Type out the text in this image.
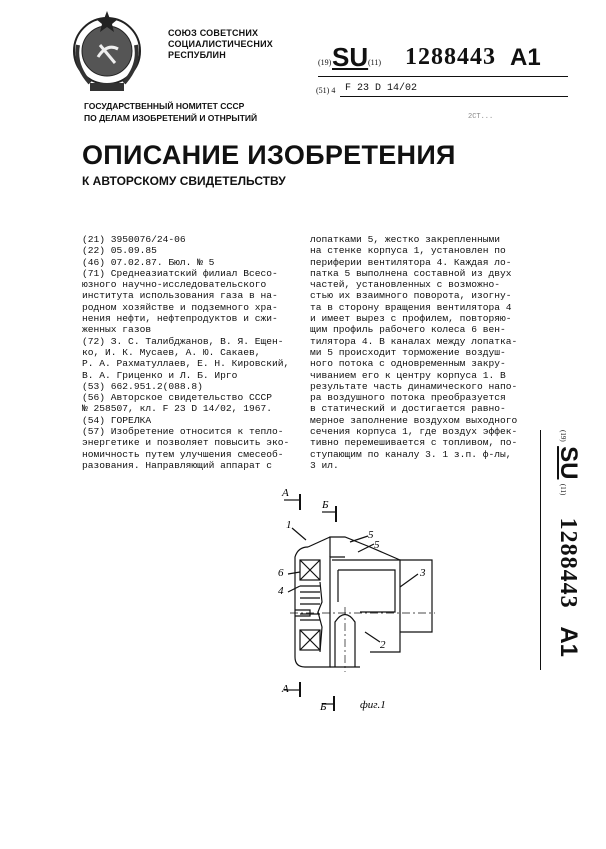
СОЮЗ СОВЕТСНИХ
СОЦИАЛИСТИЧЕСНИХ
РЕСПУБЛИН
ГОСУДАРСТВЕННЫЙ НОМИТЕТ СССР
ПО ДЕЛАМ ИЗОБРЕТЕНИЙ И ОТНРЫТИЙ
(19) SU (11) 1288443 A1
(51) 4 F 23 D 14/02
2СТ...
ОПИСАНИЕ ИЗОБРЕТЕНИЯ
К АВТОРСКОМУ СВИДЕТЕЛЬСТВУ
(21) 3950076/24-06
(22) 05.09.85
(46) 07.02.87. Бюл. № 5
(71) Среднеазиатский филиал Всесо-
юзного научно-исследовательского
института использования газа в на-
родном хозяйстве и подземного хра-
нения нефти, нефтепродуктов и сжи-
женных газов
(72) З. С. Талибджанов, В. Я. Ещен-
ко, И. К. Мусаев, А. Ю. Сакаев,
Р. А. Рахматуллаев, Е. Н. Кировский,
В. А. Гриценко и Л. Б. Ирго
(53) 662.951.2(088.8)
(56) Авторское свидетельство СССР
№ 258507, кл. F 23 D 14/02, 1967.
(54) ГОРЕЛКА
(57) Изобретение относится к тепло-
энергетике и позволяет повысить эко-
номичность путем улучшения смесеоб-
разования. Направляющий аппарат с
лопатками 5, жестко закрепленными
на стенке корпуса 1, установлен по
периферии вентилятора 4. Каждая ло-
патка 5 выполнена составной из двух
частей, установленных с возможно-
стью их взаимного поворота, изогну-
та в сторону вращения вентилятора 4
и имеет вырез с профилем, повторяю-
щим профиль рабочего колеса 6 вен-
тилятора 4. В каналах между лопатка-
ми 5 происходит торможение воздуш-
ного потока с одновременным закру-
чиванием его к центру корпуса 1. В
результате часть динамического напо-
ра воздушного потока преобразуется
в статический и достигается равно-
мерное заполнение воздухом выходного
сечения корпуса 1, где воздух эффек-
тивно перемешивается с топливом, по-
ступающим по каналу 3. 1 з.п. ф-лы,
3 ил.
(19) SU (11)     1288443    A1
А
Б
1
5
5
6
4
3
2
А
Б	фиг.1
